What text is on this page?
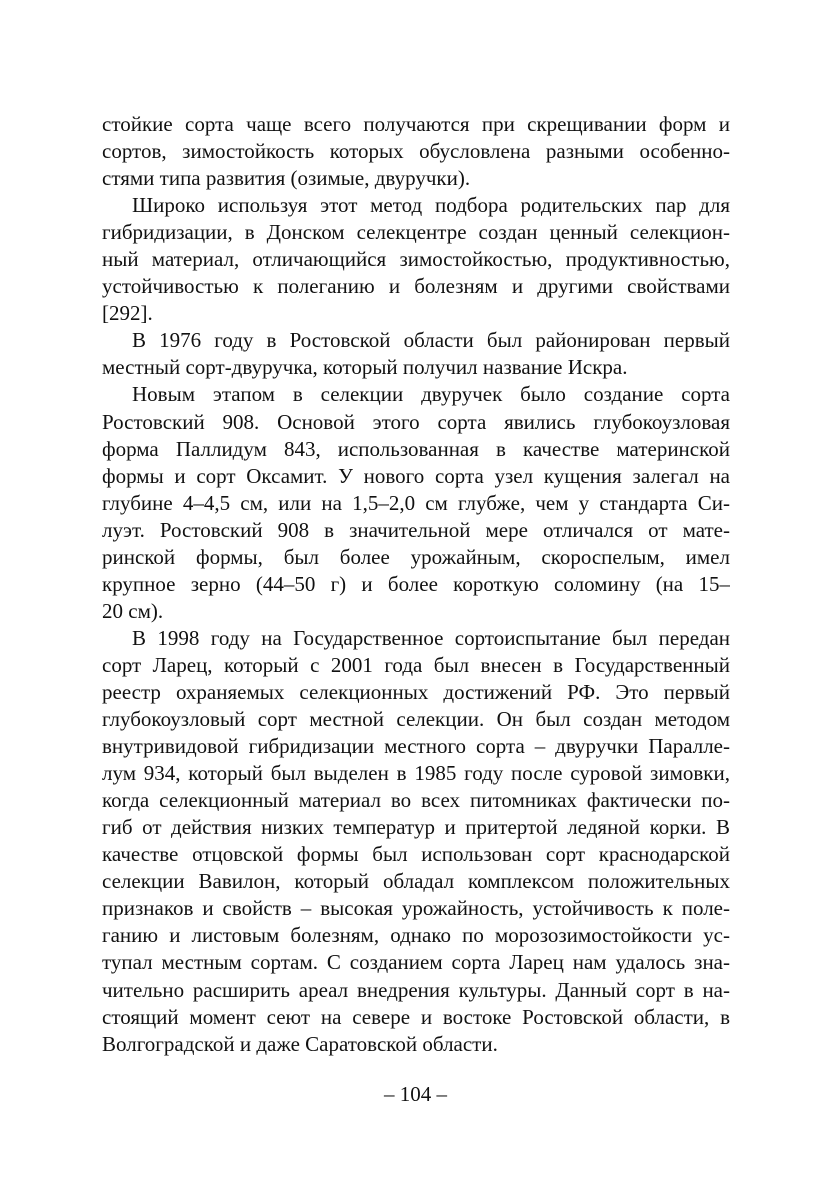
стойкие сорта чаще всего получаются при скрещивании форм и
сортов, зимостойкость которых обусловлена разными особенно-
стями типа развития (озимые, двуручки).
Широко используя этот метод подбора родительских пар для
гибридизации, в Донском селекцентре создан ценный селекцион-
ный материал, отличающийся зимостойкостью, продуктивностью,
устойчивостью к полеганию и болезням и другими свойствами
[292].
В 1976 году в Ростовской области был районирован первый
местный сорт-двуручка, который получил название Искра.
Новым этапом в селекции двуручек было создание сорта
Ростовский 908. Основой этого сорта явились глубокоузловая
форма Паллидум 843, использованная в качестве материнской
формы и сорт Оксамит. У нового сорта узел кущения залегал на
глубине 4–4,5 см, или на 1,5–2,0 см глубже, чем у стандарта Си-
луэт. Ростовский 908 в значительной мере отличался от мате-
ринской формы, был более урожайным, скороспелым, имел
крупное зерно (44–50 г) и более короткую соломину (на 15–
20 см).
В 1998 году на Государственное сортоиспытание был передан
сорт Ларец, который с 2001 года был внесен в Государственный
реестр охраняемых селекционных достижений РФ. Это первый
глубокоузловый сорт местной селекции. Он был создан методом
внутривидовой гибридизации местного сорта – двуручки Паралле-
лум 934, который был выделен в 1985 году после суровой зимовки,
когда селекционный материал во всех питомниках фактически по-
гиб от действия низких температур и притертой ледяной корки. В
качестве отцовской формы был использован сорт краснодарской
селекции Вавилон, который обладал комплексом положительных
признаков и свойств – высокая урожайность, устойчивость к поле-
ганию и листовым болезням, однако по морозозимостойкости ус-
тупал местным сортам. С созданием сорта Ларец нам удалось зна-
чительно расширить ареал внедрения культуры. Данный сорт в на-
стоящий момент сеют на севере и востоке Ростовской области, в
Волгоградской и даже Саратовской области.
– 104 –
